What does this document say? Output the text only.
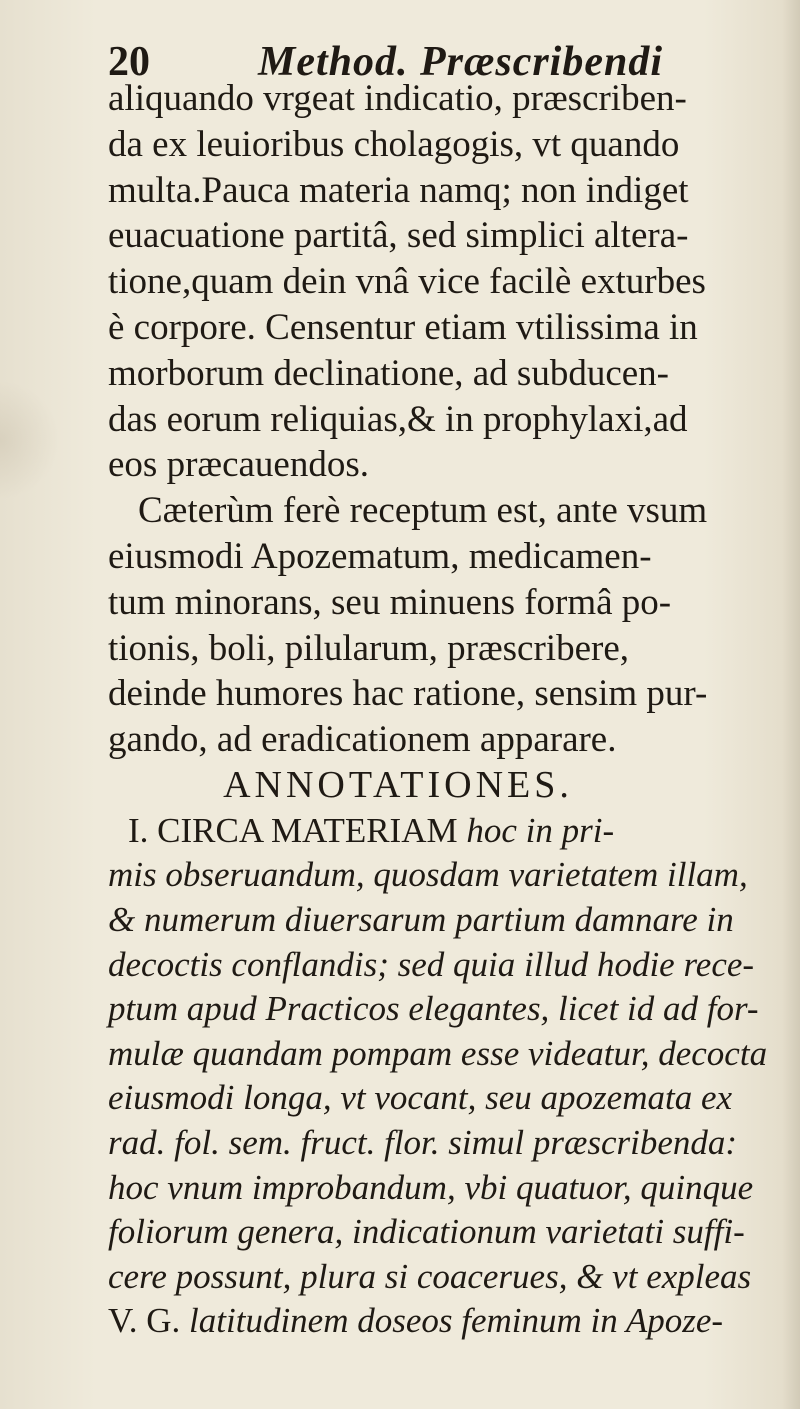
20	Method. Præscribendi
aliquando vrgeat indicatio, præscriben-
da ex leuioribus cholagogis, vt quando
multa.Pauca materia namq; non indiget
euacuatione partitâ, sed simplici altera-
tione,quam dein vnâ vice facilè exturbes
è corpore. Censentur etiam vtilissima in
morborum declinatione, ad subducen-
das eorum reliquias,& in prophylaxi,ad
eos præcauendos.
Cæterùm ferè receptum est, ante vsum
eiusmodi Apozematum, medicamen-
tum minorans, seu minuens formâ po-
tionis, boli, pilularum, præscribere,
deinde humores hac ratione, sensim pur-
gando, ad eradicationem apparare.
ANNOTATIONES.
I. CIRCA MATERIAM hoc in pri-
mis obseruandum, quosdam varietatem illam,
& numerum diuersarum partium damnare in
decoctis conflandis; sed quia illud hodie rece-
ptum apud Practicos elegantes, licet id ad for-
mulæ quandam pompam esse videatur, decocta
eiusmodi longa, vt vocant, seu apozemata ex
rad. fol. sem. fruct. flor. simul præscribenda:
hoc vnum improbandum, vbi quatuor, quinque
foliorum genera, indicationum varietati suffi-
cere possunt, plura si coacerues, & vt expleas
V. G. latitudinem doseos feminum in Apoze-
